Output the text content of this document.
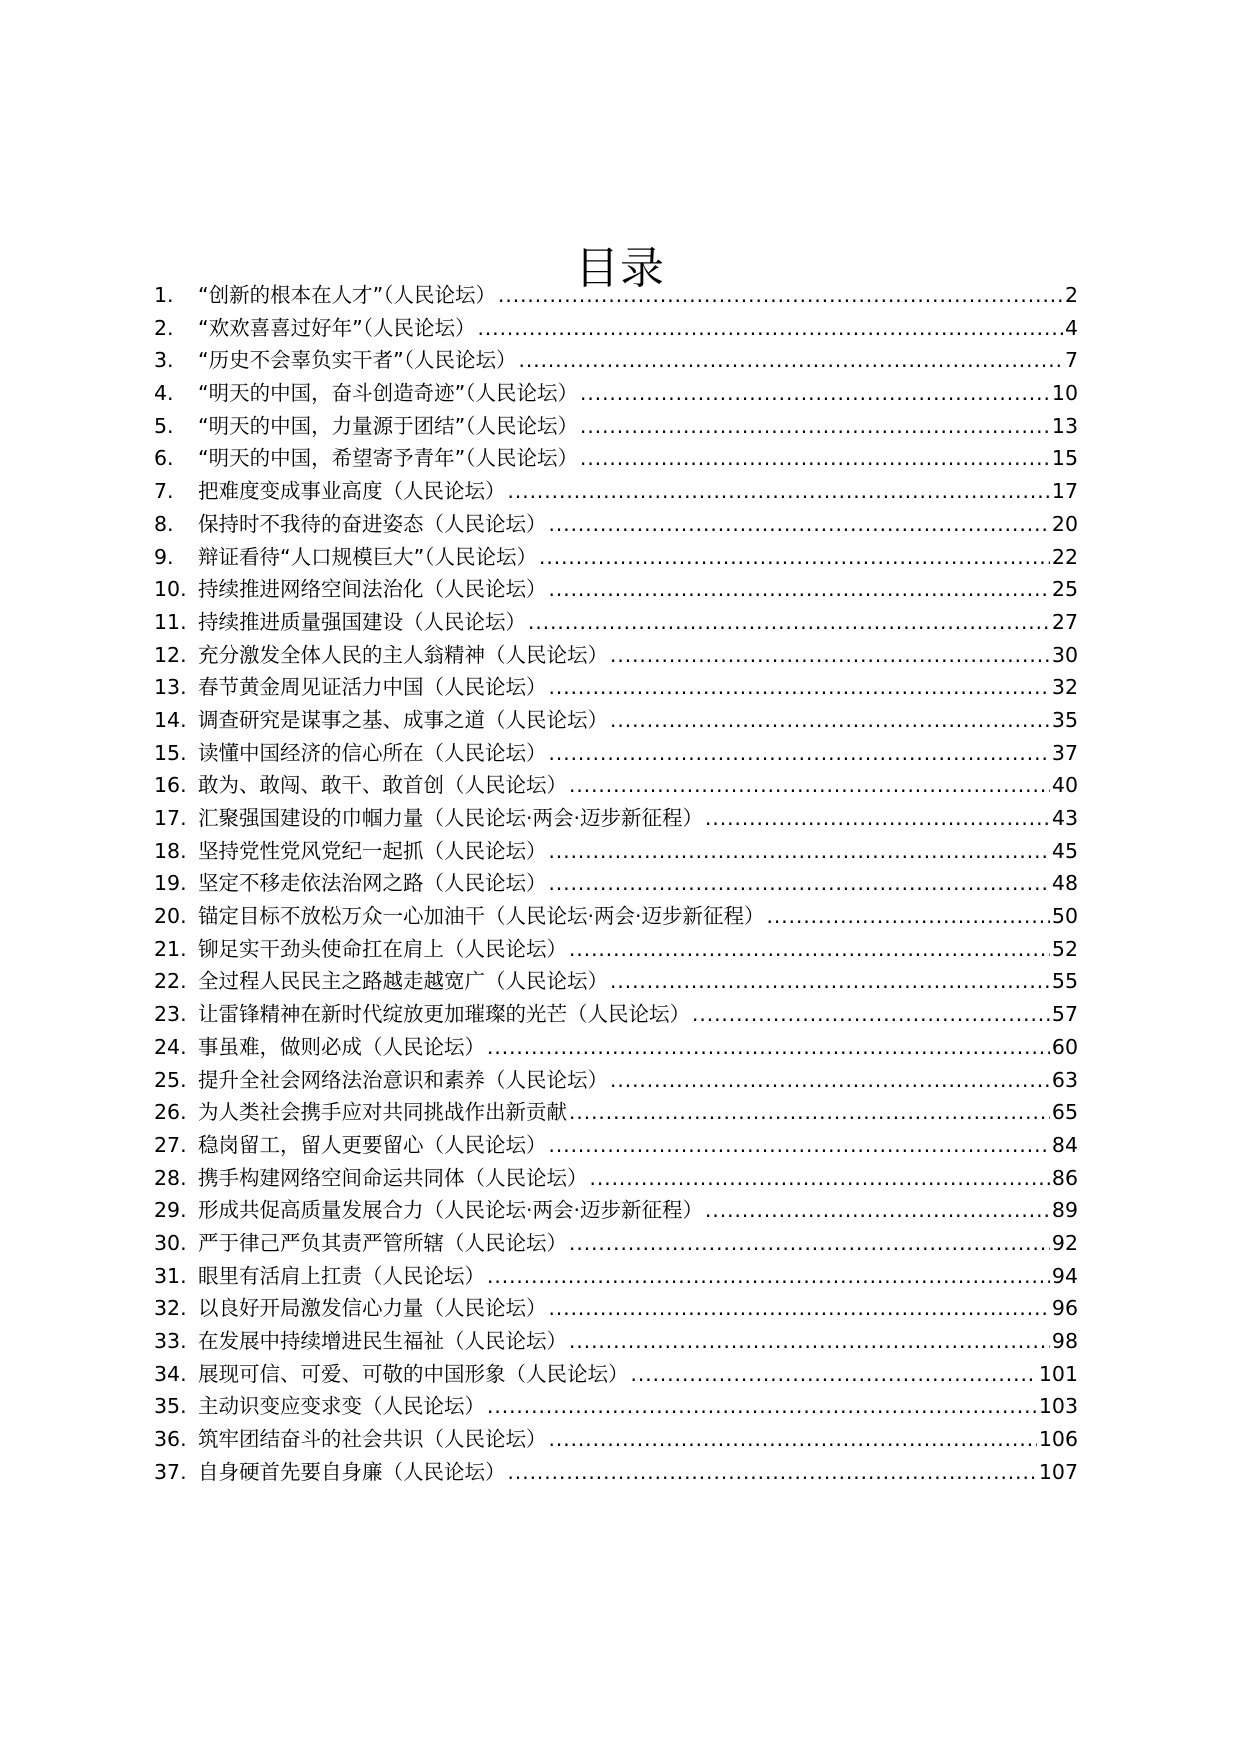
目录
1.	“创新的根本在人才”（人民论坛） .....	2
2.	“欢欢喜喜过好年”（人民论坛） .....	4
3.	“历史不会辜负实干者”（人民论坛） .....	7
4.	“明天的中国，奋斗创造奇迹”（人民论坛） .....	10
5.	“明天的中国，力量源于团结”（人民论坛） .....	13
6.	“明天的中国，希望寄予青年”（人民论坛） .....	15
7.	把难度变成事业高度（人民论坛） .....	17
8.	保持时不我待的奋进姿态（人民论坛） .....	20
9.	辩证看待“人口规模巨大”（人民论坛） .....	22
10. 持续推进网络空间法治化（人民论坛） .....	25
11. 持续推进质量强国建设（人民论坛） .....	27
12. 充分激发全体人民的主人翁精神（人民论坛） .....	30
13. 春节黄金周见证活力中国（人民论坛） .....	32
14. 调查研究是谋事之基、成事之道（人民论坛） .....	35
15. 读懂中国经济的信心所在（人民论坛） .....	37
16. 敢为、敢闯、敢干、敢首创（人民论坛） .....	40
17. 汇聚强国建设的巾帼力量（人民论坛·两会·迈步新征程） .....	43
18. 坚持党性党风党纪一起抓（人民论坛） .....	45
19. 坚定不移走依法治网之路（人民论坛） .....	48
20. 锚定目标不放松万众一心加油干（人民论坛·两会·迈步新征程） .....	50
21. 铆足实干劲头使命扛在肩上（人民论坛） .....	52
22. 全过程人民民主之路越走越宽广（人民论坛） .....	55
23. 让雷锋精神在新时代绽放更加璀璨的光芒（人民论坛） .....	57
24. 事虽难，做则必成（人民论坛） .....	60
25. 提升全社会网络法治意识和素养（人民论坛） .....	63
26. 为人类社会携手应对共同挑战作出新贡献 .....	65
27. 稳岗留工，留人更要留心（人民论坛） .....	84
28. 携手构建网络空间命运共同体（人民论坛） .....	86
29. 形成共促高质量发展合力（人民论坛·两会·迈步新征程） .....	89
30. 严于律己严负其责严管所辖（人民论坛） .....	92
31. 眼里有活肩上扛责（人民论坛） .....	94
32. 以良好开局激发信心力量（人民论坛） .....	96
33. 在发展中持续增进民生福祉（人民论坛） .....	98
34. 展现可信、可爱、可敬的中国形象（人民论坛） .....	101
35. 主动识变应变求变（人民论坛） .....	103
36. 筑牢团结奋斗的社会共识（人民论坛） .....	106
37. 自身硬首先要自身廉（人民论坛） .....	107
